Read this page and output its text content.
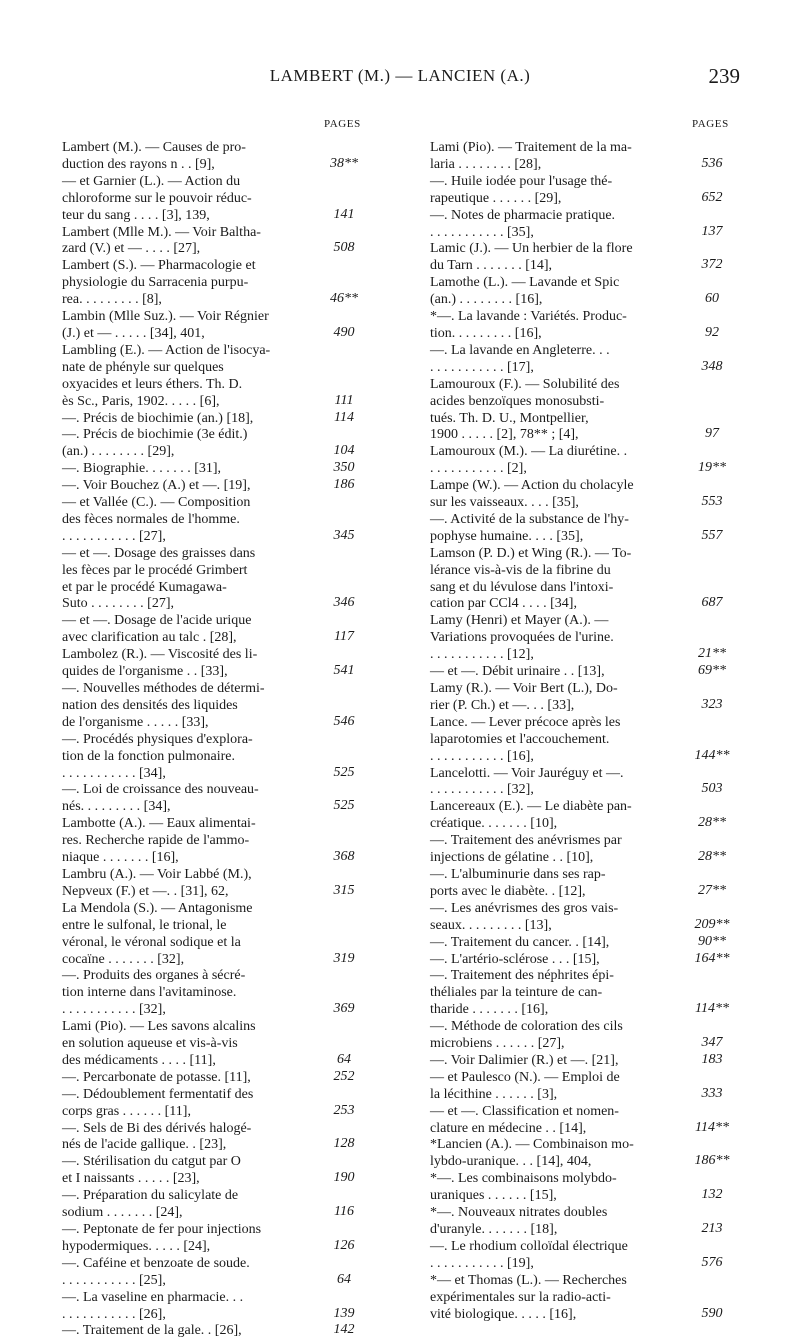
LAMBERT (M.) — LANCIEN (A.)	239
PAGES
Lambert (M.). — Causes de pro-
duction des rayons n . . [9],	38**
— et Garnier (L.). — Action du
chloroforme sur le pouvoir réduc-
teur du sang . . . . [3], 139,	141
Lambert (Mlle M.). — Voir Baltha-
zard (V.) et — . . . . [27],	508
Lambert (S.). — Pharmacologie et
physiologie du Sarracenia purpu-
rea. . . . . . . . . [8],	46**
Lambin (Mlle Suz.). — Voir Régnier
(J.) et — . . . . . [34], 401,	490
Lambling (E.). — Action de l'isocya-
nate de phényle sur quelques
oxyacides et leurs éthers. Th. D.
ès Sc., Paris, 1902. . . . . [6],	111
—. Précis de biochimie (an.) [18],	114
—. Précis de biochimie (3e édit.)
(an.) . . . . . . . . [29],	104
—. Biographie. . . . . . . [31],	350
—. Voir Bouchez (A.) et —. [19],	186
— et Vallée (C.). — Composition
des fèces normales de l'homme.
. . . . . . . . . . . [27],	345
— et —. Dosage des graisses dans
les fèces par le procédé Grimbert
et par le procédé Kumagawa-
Suto . . . . . . . . [27],	346
— et —. Dosage de l'acide urique
avec clarification au talc . [28],	117
Lambolez (R.). — Viscosité des li-
quides de l'organisme . . [33],	541
—. Nouvelles méthodes de détermi-
nation des densités des liquides
de l'organisme . . . . . [33],	546
—. Procédés physiques d'explora-
tion de la fonction pulmonaire.
. . . . . . . . . . . [34],	525
—. Loi de croissance des nouveau-
nés. . . . . . . . . [34],	525
Lambotte (A.). — Eaux alimentai-
res. Recherche rapide de l'ammo-
niaque . . . . . . . [16],	368
Lambru (A.). — Voir Labbé (M.),
Nepveux (F.) et —. . [31], 62,	315
La Mendola (S.). — Antagonisme
entre le sulfonal, le trional, le
véronal, le véronal sodique et la
cocaïne . . . . . . . [32],	319
—. Produits des organes à sécré-
tion interne dans l'avitaminose.
. . . . . . . . . . . [32],	369
Lami (Pio). — Les savons alcalins
en solution aqueuse et vis-à-vis
des médicaments . . . . [11],	64
—. Percarbonate de potasse. [11],	252
—. Dédoublement fermentatif des
corps gras . . . . . . [11],	253
—. Sels de Bi des dérivés halogé-
nés de l'acide gallique. . [23],	128
—. Stérilisation du catgut par O
et I naissants . . . . . [23],	190
—. Préparation du salicylate de
sodium . . . . . . . [24],	116
—. Peptonate de fer pour injections
hypodermiques. . . . . [24],	126
—. Caféine et benzoate de soude.
. . . . . . . . . . . [25],	64
—. La vaseline en pharmacie. . .
. . . . . . . . . . . [26],	139
—. Traitement de la gale. . [26],	142
PAGES
Lami (Pio). — Traitement de la ma-
laria . . . . . . . . [28],	536
—. Huile iodée pour l'usage thé-
rapeutique . . . . . . [29],	652
—. Notes de pharmacie pratique.
. . . . . . . . . . . [35],	137
Lamic (J.). — Un herbier de la flore
du Tarn . . . . . . . [14],	372
Lamothe (L.). — Lavande et Spic
(an.) . . . . . . . . [16],	60
*—. La lavande : Variétés. Produc-
tion. . . . . . . . . [16],	92
—. La lavande en Angleterre. . .
. . . . . . . . . . . [17],	348
Lamouroux (F.). — Solubilité des
acides benzoïques monosubsti-
tués. Th. D. U., Montpellier,
1900 . . . . . [2], 78** ; [4],	97
Lamouroux (M.). — La diurétine. .
. . . . . . . . . . . [2],	19**
Lampe (W.). — Action du cholacyle
sur les vaisseaux. . . . [35],	553
—. Activité de la substance de l'hy-
pophyse humaine. . . . [35],	557
Lamson (P. D.) et Wing (R.). — To-
lérance vis-à-vis de la fibrine du
sang et du lévulose dans l'intoxi-
cation par CCl4 . . . . [34],	687
Lamy (Henri) et Mayer (A.). —
Variations provoquées de l'urine.
. . . . . . . . . . . [12],	21**
— et —. Débit urinaire . . [13],	69**
Lamy (R.). — Voir Bert (L.), Do-
rier (P. Ch.) et —. . . [33],	323
Lance. — Lever précoce après les
laparotomies et l'accouchement.
. . . . . . . . . . . [16],	144**
Lancelotti. — Voir Jauréguy et —.
. . . . . . . . . . . [32],	503
Lancereaux (E.). — Le diabète pan-
créatique. . . . . . . [10],	28**
—. Traitement des anévrismes par
injections de gélatine . . [10],	28**
—. L'albuminurie dans ses rap-
ports avec le diabète. . [12],	27**
—. Les anévrismes des gros vais-
seaux. . . . . . . . . [13],	209**
—. Traitement du cancer. . [14],	90**
—. L'artério-sclérose . . . [15],	164**
—. Traitement des néphrites épi-
théliales par la teinture de can-
tharide . . . . . . . [16],	114**
—. Méthode de coloration des cils
microbiens . . . . . . [27],	347
—. Voir Dalimier (R.) et —. [21],	183
— et Paulesco (N.). — Emploi de
la lécithine . . . . . . [3],	333
— et —. Classification et nomen-
clature en médecine . . [14],	114**
*Lancien (A.). — Combinaison mo-
lybdo-uranique. . . [14], 404,	186**
*—. Les combinaisons molybdo-
uraniques . . . . . . [15],	132
*—. Nouveaux nitrates doubles
d'uranyle. . . . . . . [18],	213
—. Le rhodium colloïdal électrique
. . . . . . . . . . . [19],	576
*— et Thomas (L.). — Recherches
expérimentales sur la radio-acti-
vité biologique. . . . . [16],	590
